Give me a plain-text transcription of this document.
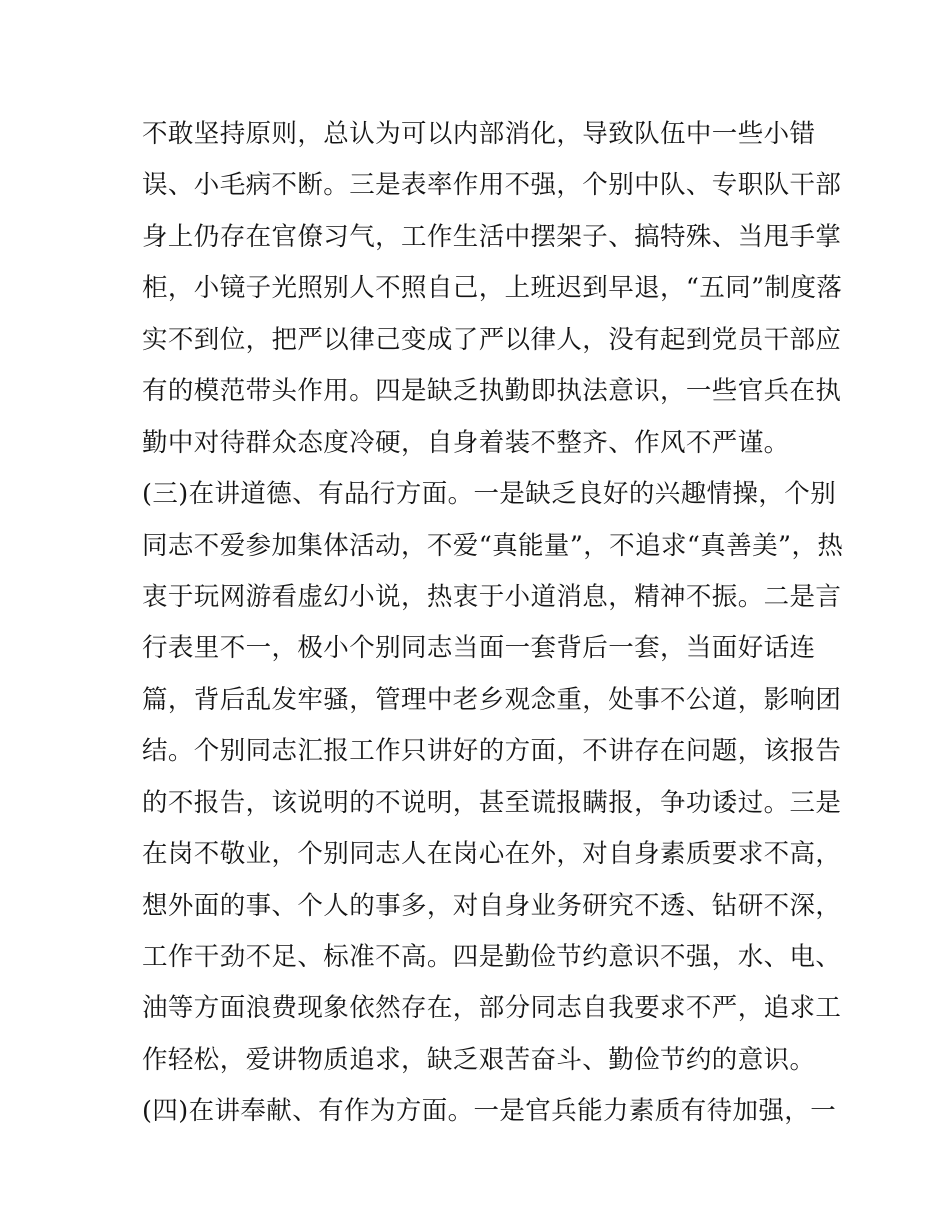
不敢坚持原则，总认为可以内部消化，导致队伍中一些小错
误、小毛病不断。三是表率作用不强，个别中队、专职队干部
身上仍存在官僚习气，工作生活中摆架子、搞特殊、当甩手掌
柜，小镜子光照别人不照自己，上班迟到早退，“五同”制度落
实不到位，把严以律己变成了严以律人，没有起到党员干部应
有的模范带头作用。四是缺乏执勤即执法意识，一些官兵在执
勤中对待群众态度冷硬，自身着装不整齐、作风不严谨。
(三)在讲道德、有品行方面。一是缺乏良好的兴趣情操，个别
同志不爱参加集体活动，不爱“真能量”，不追求“真善美”，热
衷于玩网游看虚幻小说，热衷于小道消息，精神不振。二是言
行表里不一，极小个别同志当面一套背后一套，当面好话连
篇，背后乱发牢骚，管理中老乡观念重，处事不公道，影响团
结。个别同志汇报工作只讲好的方面，不讲存在问题，该报告
的不报告，该说明的不说明，甚至谎报瞒报，争功诿过。三是
在岗不敬业，个别同志人在岗心在外，对自身素质要求不高，
想外面的事、个人的事多，对自身业务研究不透、钻研不深，
工作干劲不足、标准不高。四是勤俭节约意识不强，水、电、
油等方面浪费现象依然存在，部分同志自我要求不严，追求工
作轻松，爱讲物质追求，缺乏艰苦奋斗、勤俭节约的意识。
(四)在讲奉献、有作为方面。一是官兵能力素质有待加强，一
